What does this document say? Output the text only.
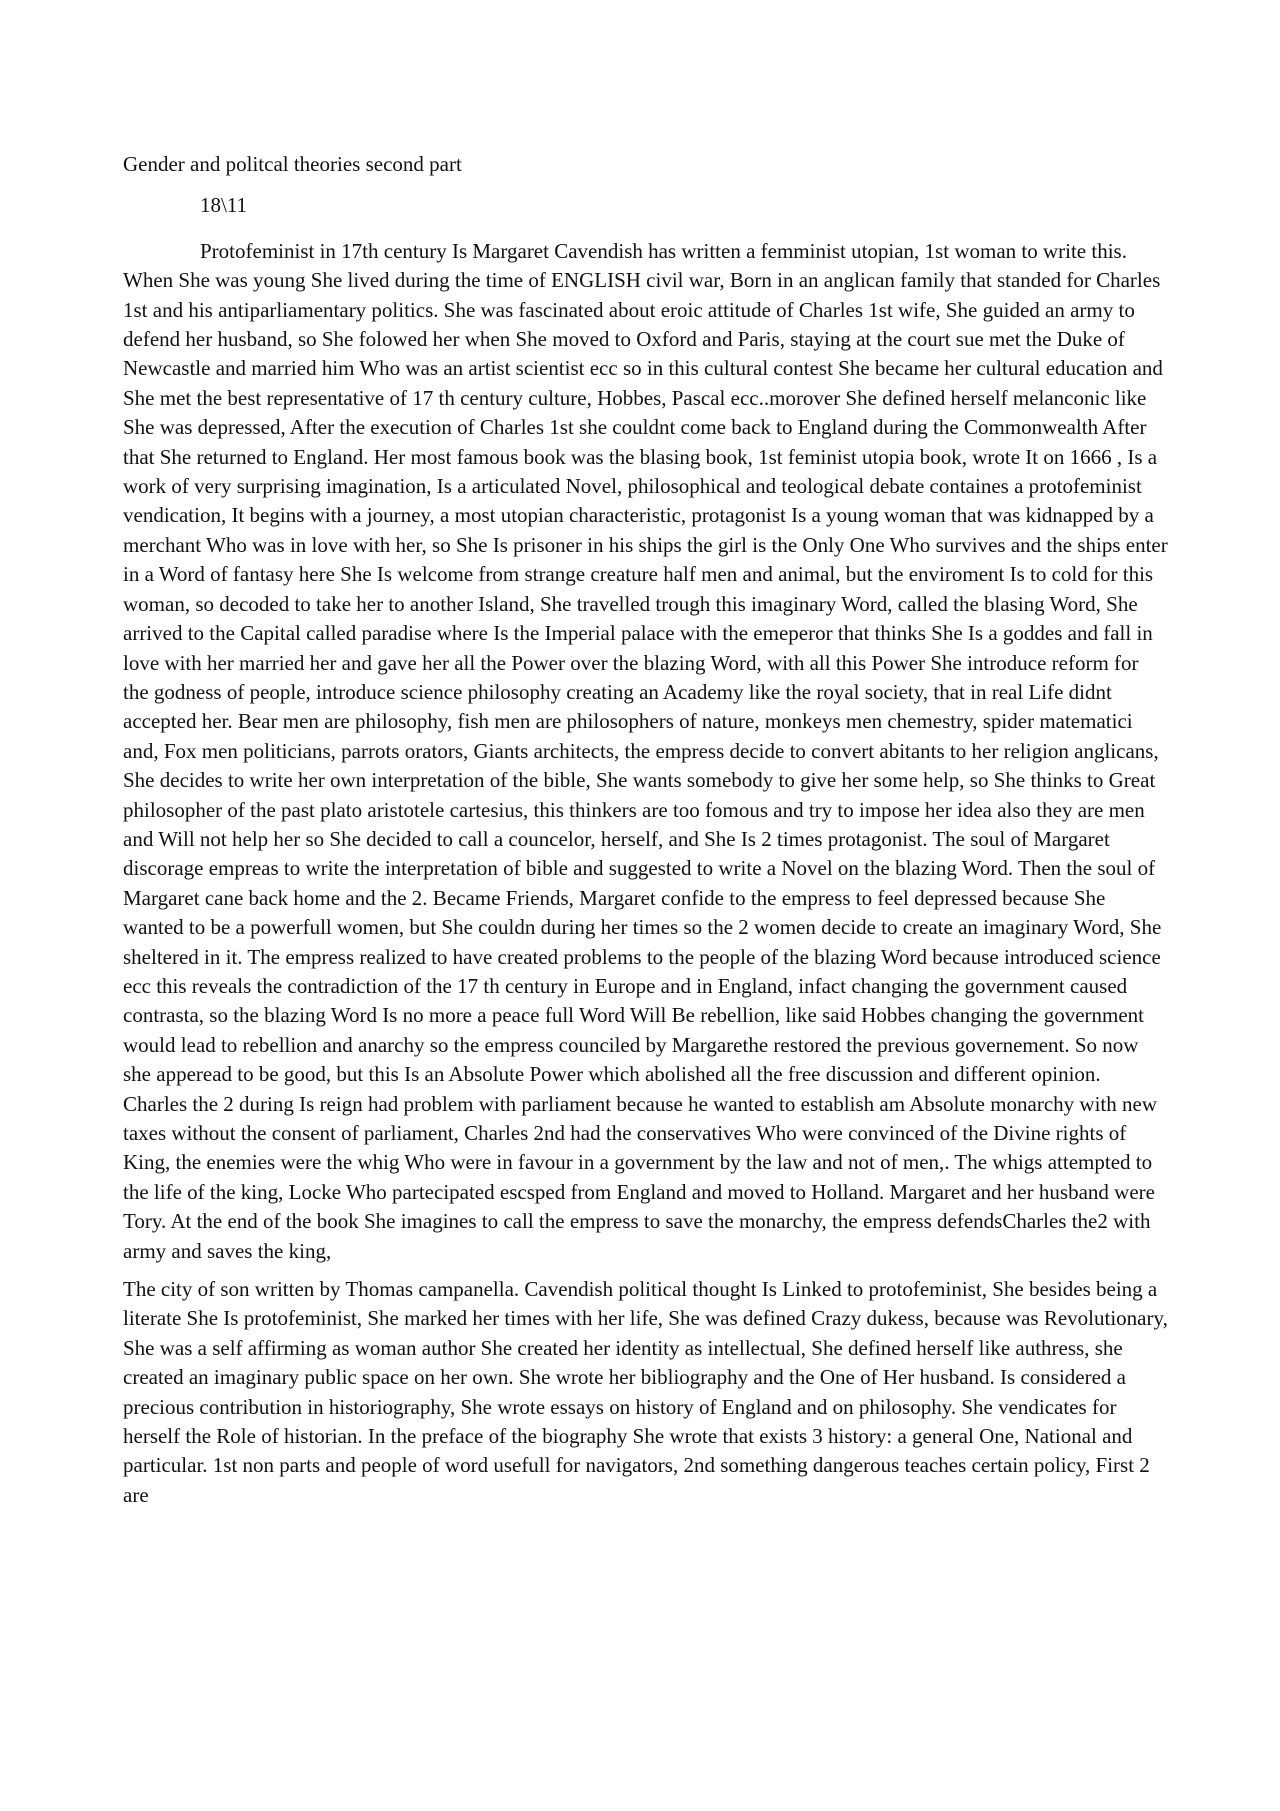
Gender and politcal theories second part
18\11

Protofeminist in 17th century Is Margaret Cavendish has written a femminist utopian, 1st woman to write this. When She was young She lived during the time of ENGLISH civil war, Born in an anglican family that standed for Charles 1st and his antiparliamentary politics. She was fascinated about eroic attitude of Charles 1st wife, She guided an army to defend her husband, so She folowed her when She moved to Oxford and Paris, staying at the court sue met the Duke of Newcastle and married him Who was an artist scientist ecc so in this cultural contest She became her cultural education and She met the best representative of 17 th century culture, Hobbes, Pascal ecc..morover She defined herself melanconic like She was depressed, After the execution of Charles 1st she couldnt come back to England during the Commonwealth After that She returned to England. Her most famous book was the blasing book, 1st feminist utopia book, wrote It on 1666 , Is a work of very surprising imagination, Is a articulated Novel, philosophical and teological debate containes a protofeminist vendication, It begins with a journey, a most utopian characteristic, protagonist Is a young woman that was kidnapped by a merchant Who was in love with her, so She Is prisoner in his ships the girl is the Only One Who survives and the ships enter in a Word of fantasy here She Is welcome from strange creature half men and animal, but the enviroment Is to cold for this woman, so decoded to take her to another Island, She travelled trough this imaginary Word, called the blasing Word, She arrived to the Capital called paradise where Is the Imperial palace with the emeperor that thinks She Is a goddes and fall in love with her married her and gave her all the Power over the blazing Word, with all this Power She introduce reform for the godness of people, introduce science philosophy creating an Academy like the royal society, that in real Life didnt accepted her. Bear men are philosophy, fish men are philosophers of nature, monkeys men chemestry, spider matematici and, Fox men politicians, parrots orators, Giants architects, the empress decide to convert abitants to her religion anglicans, She decides to write her own interpretation of the bible, She wants somebody to give her some help, so She thinks to Great philosopher of the past plato aristotele cartesius, this thinkers are too fomous and try to impose her idea also they are men and Will not help her so She decided to call a councelor, herself, and She Is 2 times protagonist. The soul of Margaret discorage empreas to write the interpretation of bible and suggested to write a Novel on the blazing Word. Then the soul of Margaret cane back home and the 2. Became Friends, Margaret confide to the empress to feel depressed because She wanted to be a powerfull women, but She couldn during her times so the 2 women decide to create an imaginary Word, She sheltered in it. The empress realized to have created problems to the people of the blazing Word because introduced science ecc this reveals the contradiction of the 17 th century in Europe and in England, infact changing the government caused contrasta, so the blazing Word Is no more a peace full Word Will Be rebellion, like said Hobbes changing the government would lead to rebellion and anarchy so the empress counciled by Margarethe restored the previous governement. So now she apperead to be good, but this Is an Absolute Power which abolished all the free discussion and different opinion. Charles the 2 during Is reign had problem with parliament because he wanted to establish am Absolute monarchy with new taxes without the consent of parliament, Charles 2nd had the conservatives Who were convinced of the Divine rights of King, the enemies were the whig Who were in favour in a government by the law and not of men,. The whigs attempted to the life of the king, Locke Who partecipated escsped from England and moved to Holland. Margaret and her husband were Tory. At the end of the book She imagines to call the empress to save the monarchy, the empress defendsCharles the2 with army and saves the king,

The city of son written by Thomas campanella. Cavendish political thought Is Linked to protofeminist, She besides being a literate She Is protofeminist, She marked her times with her life, She was defined Crazy dukess, because was Revolutionary, She was a self affirming as woman author She created her identity as intellectual, She defined herself like authress, she created an imaginary public space on her own. She wrote her bibliography and the One of Her husband. Is considered a precious contribution in historiography, She wrote essays on history of England and on philosophy. She vendicates for herself the Role of historian. In the preface of the biography She wrote that exists 3 history: a general One, National and particular. 1st non parts and people of word usefull for navigators, 2nd something dangerous teaches certain policy, First 2 are
